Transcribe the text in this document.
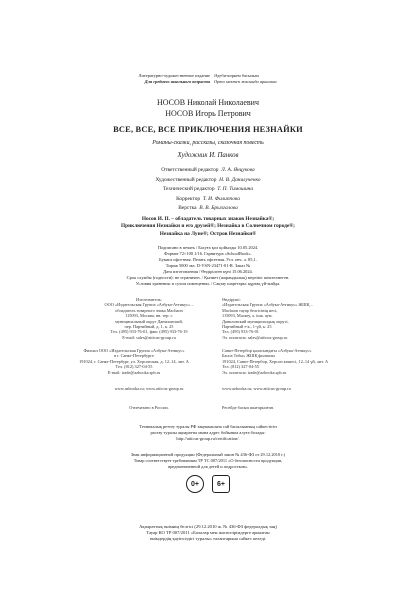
Литературно-художественное издание
Для среднего школьного возраста
Әдеби-көркем басылым
Орта мектеп жасында арналған
НОСОВ Николай Николаевич
НОСОВ Игорь Петрович
ВСЕ, ВСЕ, ВСЕ ПРИКЛЮЧЕНИЯ НЕЗНАЙКИ
Романы-сказки, рассказы, сказочная повесть
Художник И. Панков
Ответственный редактор Л. А. Янцукова
Художественный редактор Н. В. Данилученко
Технический редактор Т. П. Тимошина
Корректор Т. И. Филиппова
Верстка В. В. Брызгалова
Носов И. П. – обладатель товарных знаков Незнайка®;
Приключения Незнайки и его друзей®; Незнайка в Солнечном городе®;
Незнайка на Луне®; Остров Незнайки®
Подписано в печать / Басуға қол қойылды 10.05.2024.
Формат 72×100 1/16. Гарнитура «SchoolBook».
Бумага офсетная. Печать офсетная. Усл. печ. л. 85,1.
Тираж 5000 экз. D-VSN-23471-01-R. Заказ №
Дата изготовления / Өндірілген күні 15.06.2024.
Срок службы (годности): не ограничен. / Қызмет (жарамдылық) мерзімі: шектелмеген.
Условия хранения: в сухом помещении. / Сақтау шарттары: құрғақ үй-жайда.
Изготовитель:
ООО «Издательская Группа «Азбука-Аттикус» –
обладатель товарного знака Machaon
115093, Москва, вн. тер. г.
муниципальный округ Даниловский,
пер. Партийный, д. 1, к. 25
Тел. (495) 933-76-01, факс (495) 933-76-19
E-mail: sales@atticus-group.ru
Өндіруші:
«Издательская Группа «Азбука-Аттикус» ЖШҚ –
Machaon тауар белгісінің иесі,
115093, Мәскеу, ә. ішк. аум.
Даниловский муниципалдық округі,
Партийный т-к., 1-үй, к. 25
Тел. (495) 933-76-01
Эл. поштасы: sales@atticus-group.ru
Филиал ООО «Издательская Группа «Азбука-Аттикус»
в г. Санкт-Петербурге
191024, г. Санкт-Петербург, ул. Херсонская, д. 12–14, лит. А
Тел. (812) 327-04-55
E-mail: trade@azbooka.spb.ru
Санкт-Петербор қаласындағы «Азбука-Аттикус»
Баспа Тобы» ЖШҚ филиалы
191024, Санкт-Петербор, Херсон көшесі, 12–14 үй, лит. А
Тел. (812) 327-04-55
Эл. поштасы: trade@azbooka.spb.ru
www.azbooka.ru; www.atticus-group.ru	www.azbooka.ru; www.atticus-group.ru
Отпечатано в России.	Ресейде басып шығарылған.
Техникалық реттеу туралы РФ заңнамасына сай басылымның сәйкестігін
растау туралы ақпаратты мына адрес бойынша алуға болады:
http://atticus-group.ru/certification/.
Знак информационной продукции (Федеральный закон № 436-ФЗ от 29.12.2010 г.)
Товар соответствует требованиям ТР ТС 007/2011 «О безопасности продукции,
предназначенной для детей и подростков».
0+	6+
Ақпараттық өнімнің белгісі (29.12.2010 ж. № 436-ФЗ федералдық заң)
Тауар КО ТР 007/2011 «Балалар мен жасөспірімдерге арналған
өнімдердің қауіпсіздігі туралы» талаптарына сәйкес келеді.
